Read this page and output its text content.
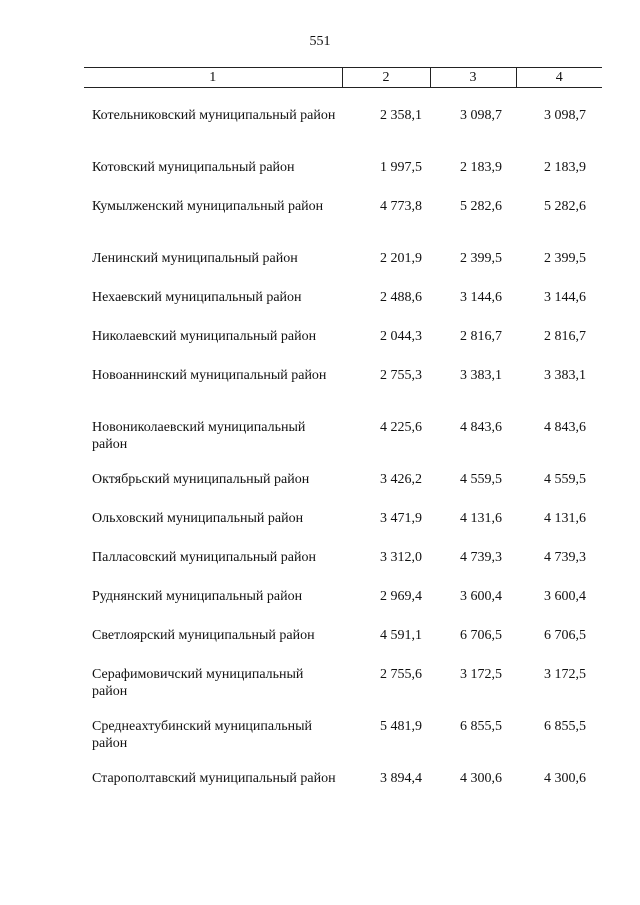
551
1	2	3	4

Котельниковский муниципальный район	2 358,1	3 098,7	3 098,7
Котовский муниципальный район	1 997,5	2 183,9	2 183,9
Кумылженский муниципальный район	4 773,8	5 282,6	5 282,6
Ленинский муниципальный район	2 201,9	2 399,5	2 399,5
Нехаевский муниципальный район	2 488,6	3 144,6	3 144,6
Николаевский муниципальный район	2 044,3	2 816,7	2 816,7
Новоаннинский муниципальный район	2 755,3	3 383,1	3 383,1
Новониколаевский муниципальный район	4 225,6	4 843,6	4 843,6
Октябрьский муниципальный район	3 426,2	4 559,5	4 559,5
Ольховский муниципальный район	3 471,9	4 131,6	4 131,6
Палласовский муниципальный район	3 312,0	4 739,3	4 739,3
Руднянский муниципальный район	2 969,4	3 600,4	3 600,4
Светлоярский муниципальный район	4 591,1	6 706,5	6 706,5
Серафимовичский муниципальный район	2 755,6	3 172,5	3 172,5
Среднеахтубинский муниципальный район	5 481,9	6 855,5	6 855,5
Старополтавский муниципальный район	3 894,4	4 300,6	4 300,6
